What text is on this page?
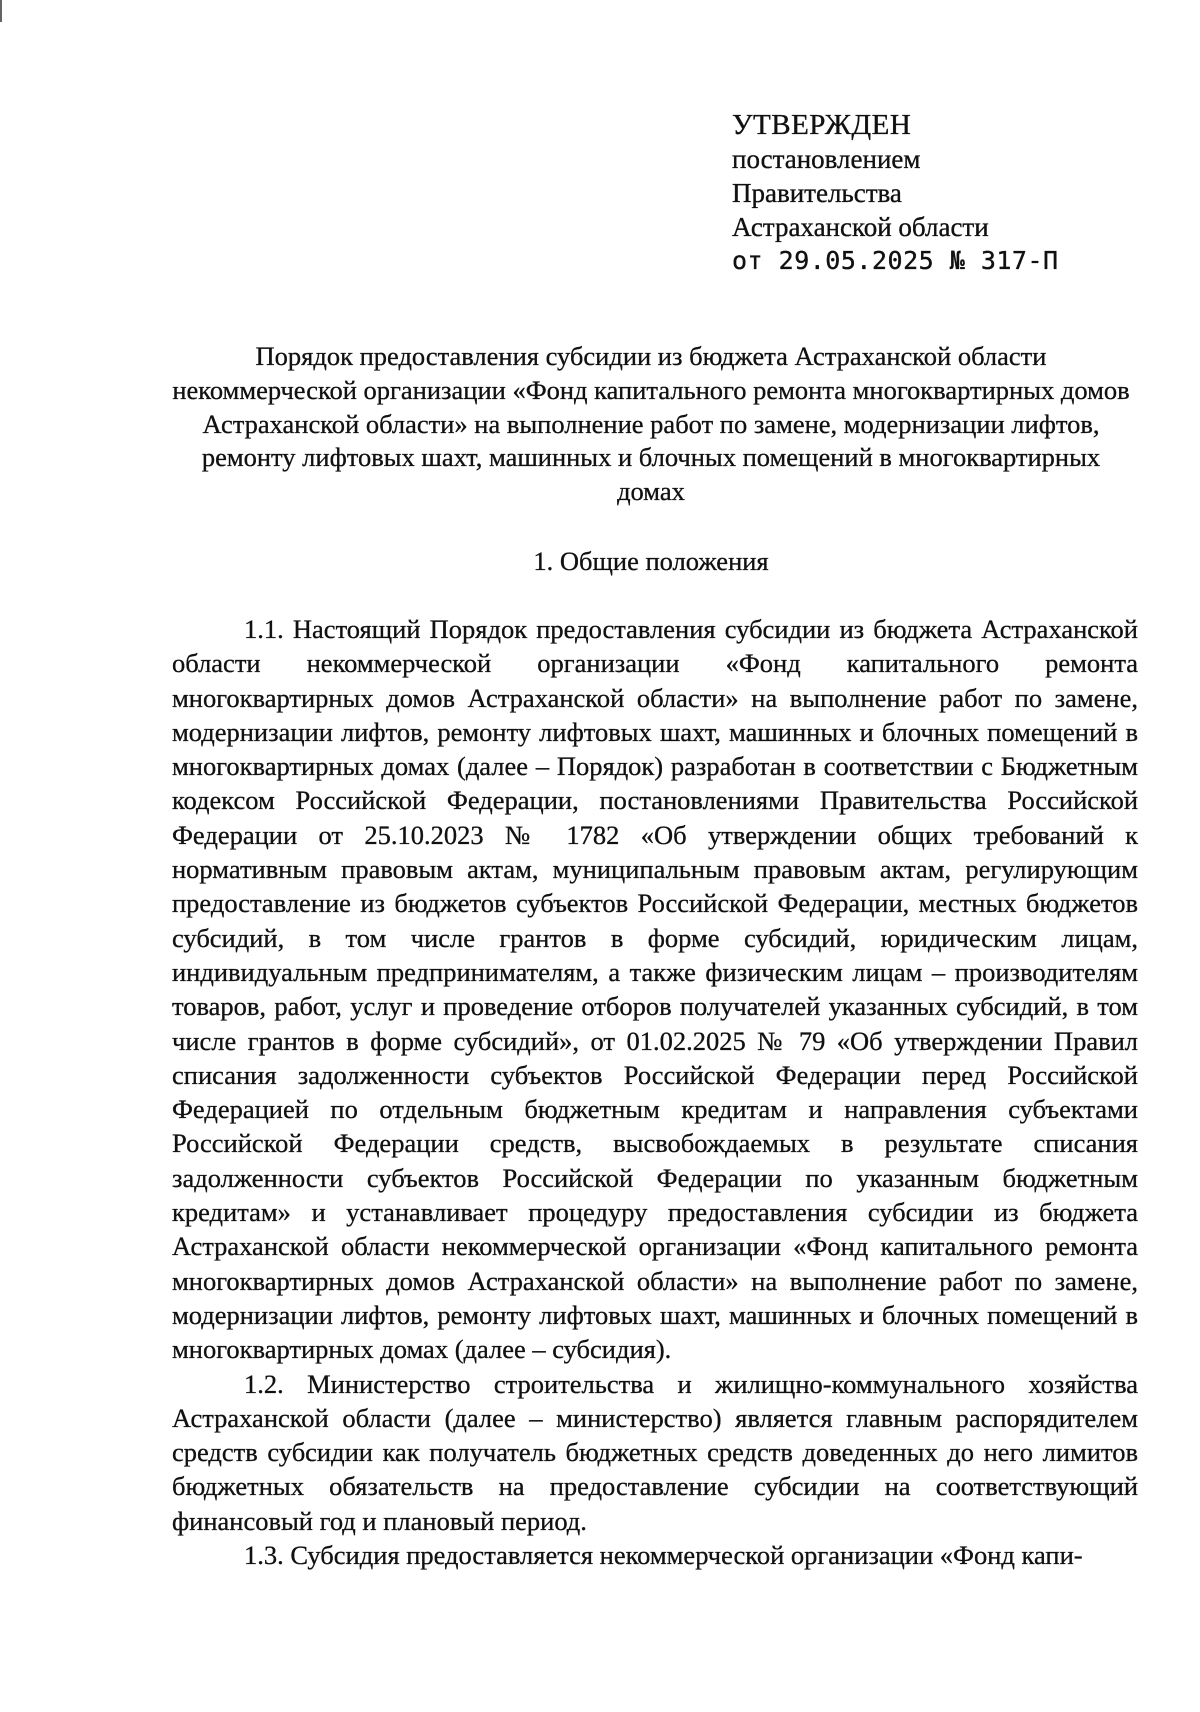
УТВЕРЖДЕН
постановлением
Правительства
Астраханской области
от 29.05.2025 № 317-П
Порядок предоставления субсидии из бюджета Астраханской области некоммерческой организации «Фонд капитального ремонта многоквартирных домов Астраханской области» на выполнение работ по замене, модернизации лифтов, ремонту лифтовых шахт, машинных и блочных помещений в многоквартирных домах
1. Общие положения

1.1. Настоящий Порядок предоставления субсидии из бюджета Астраханской области некоммерческой организации «Фонд капитального ремонта многоквартирных домов Астраханской области» на выполнение работ по замене, модернизации лифтов, ремонту лифтовых шахт, машинных и блочных помещений в многоквартирных домах (далее – Порядок) разработан в соответствии с Бюджетным кодексом Российской Федерации, постановлениями Правительства Российской Федерации от 25.10.2023 № 1782 «Об утверждении общих требований к нормативным правовым актам, муниципальным правовым актам, регулирующим предоставление из бюджетов субъектов Российской Федерации, местных бюджетов субсидий, в том числе грантов в форме субсидий, юридическим лицам, индивидуальным предпринимателям, а также физическим лицам – производителям товаров, работ, услуг и проведение отборов получателей указанных субсидий, в том числе грантов в форме субсидий», от 01.02.2025 № 79 «Об утверждении Правил списания задолженности субъектов Российской Федерации перед Российской Федерацией по отдельным бюджетным кредитам и направления субъектами Российской Федерации средств, высвобождаемых в результате списания задолженности субъектов Российской Федерации по указанным бюджетным кредитам» и устанавливает процедуру предоставления субсидии из бюджета Астраханской области некоммерческой организации «Фонд капитального ремонта многоквартирных домов Астраханской области» на выполнение работ по замене, модернизации лифтов, ремонту лифтовых шахт, машинных и блочных помещений в многоквартирных домах (далее – субсидия).

1.2. Министерство строительства и жилищно-коммунального хозяйства Астраханской области (далее – министерство) является главным распорядителем средств субсидии как получатель бюджетных средств доведенных до него лимитов бюджетных обязательств на предоставление субсидии на соответствующий финансовый год и плановый период.

1.3. Субсидия предоставляется некоммерческой организации «Фонд капи-
